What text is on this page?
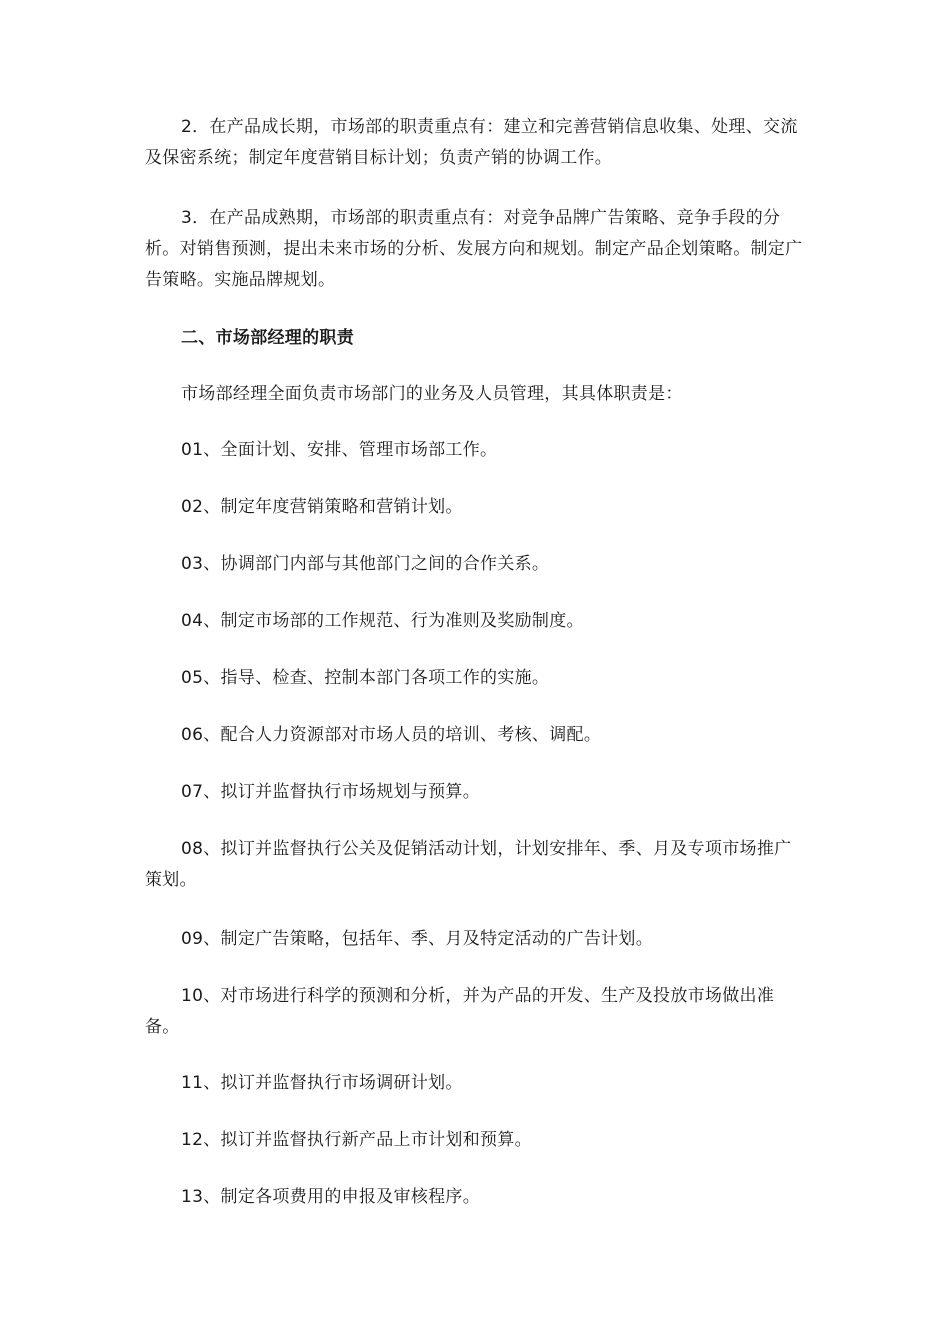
2．在产品成长期，市场部的职责重点有：建立和完善营销信息收集、处理、交流及保密系统；制定年度营销目标计划；负责产销的协调工作。

3．在产品成熟期，市场部的职责重点有：对竞争品牌广告策略、竞争手段的分析。对销售预测，提出未来市场的分析、发展方向和规划。制定产品企划策略。制定广告策略。实施品牌规划。

二、市场部经理的职责

市场部经理全面负责市场部门的业务及人员管理，其具体职责是：

01、全面计划、安排、管理市场部工作。

02、制定年度营销策略和营销计划。

03、协调部门内部与其他部门之间的合作关系。

04、制定市场部的工作规范、行为准则及奖励制度。

05、指导、检查、控制本部门各项工作的实施。

06、配合人力资源部对市场人员的培训、考核、调配。

07、拟订并监督执行市场规划与预算。

08、拟订并监督执行公关及促销活动计划，计划安排年、季、月及专项市场推广策划。

09、制定广告策略，包括年、季、月及特定活动的广告计划。

10、对市场进行科学的预测和分析，并为产品的开发、生产及投放市场做出准备。

11、拟订并监督执行市场调研计划。

12、拟订并监督执行新产品上市计划和预算。

13、制定各项费用的申报及审核程序。
